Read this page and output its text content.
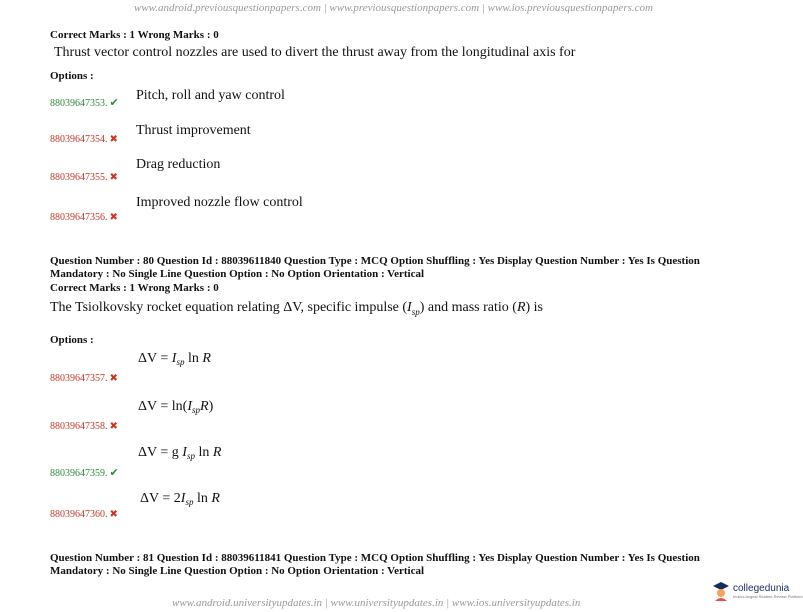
www.android.previousquestionpapers.com | www.previousquestionpapers.com | www.ios.previousquestionpapers.com
Correct Marks : 1 Wrong Marks : 0
Thrust vector control nozzles are used to divert the thrust away from the longitudinal axis for
Options :
88039647353. ✔ Pitch, roll and yaw control
88039647354. ✖
Thrust improvement
88039647355. ✖
Drag reduction
88039647356. ✖
Improved nozzle flow control
Question Number : 80 Question Id : 88039611840 Question Type : MCQ Option Shuffling : Yes Display Question Number : Yes Is Question
Mandatory : No Single Line Question Option : No Option Orientation : Vertical
Correct Marks : 1 Wrong Marks : 0
The Tsiolkovsky rocket equation relating ΔV, specific impulse $(I_{sp})$ and mass ratio (R) is
Options :
88039647357. ✖
$\Delta V = I_{sp}$ ln R
88039647358. ✖
$\Delta V = \ln(I_{sp}R)$
88039647359. ✔
ΔV = g $I_{sp}$ ln R
88039647360. ✖
$\Delta V = 2I_{sp}$ ln R
Question Number : 81 Question Id : 88039611841 Question Type : MCQ Option Shuffling : Yes Display Question Number : Yes Is Question
Mandatory : No Single Line Question Option : No Option Orientation : Vertical
collegedunia
India's largest Student Review Platform
www.android.universityupdates.in | www.universityupdates.in | www.ios.universityupdates.in
